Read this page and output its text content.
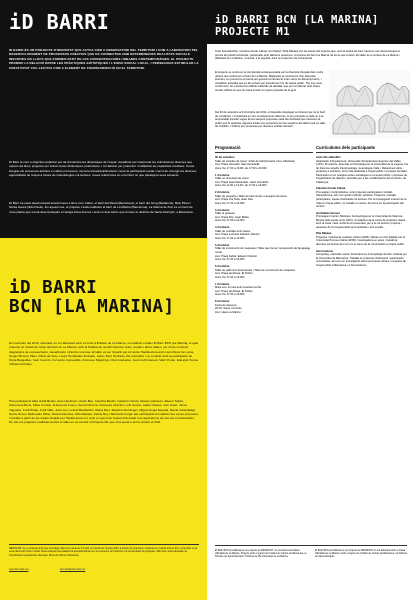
iD BARRI
ID BARRI ÉS UN PROJECTE D'IDENSITAT QUE ACTUA COM A OBSERVATORI DEL TERRITORI I COM A LABORATORI PEL DESENVOLUPAMENT DE PROCESSOS CREATIUS QUE ES CONNECTEN AMB DETERMINADES REALITATS SOCIALS INSCRITES EN LLOCS QUE FORMEN PART DE LES CONCENTRACIONS URBANES CONTEMPORÀNIES. EL PROJECTE PROMOU LA RELACIÓ ENTRE LES PRÀCTIQUES ARTÍSTIQUES I L'ESPAI SOCIAL LOCAL, I PERSEGUEIX ESTIMULAR LA CREATIVITAT COL·LECTIVA COM A ELEMENT DE TRANSFORMACIÓ EN EL TERRITORI.

iD Barri té com a objectius analitzar per tal d'entendre les dinàmiques de l'espai; visualitzar per interpretar les articulacions diverses que operen als llocs; projectar per trobar noves dinàmiques productives, i col·laborar per potenciar i multiplicar les capacitats creatives. Cerca integrar els processos artístics en altres processos; cerca la transdisciplinarietat; cerca la participació social i cerca fer emergir les diverses agencialitats de l'espai a través de metodologies col·lectives, noves referències en el territori on que planteja la seva actuació.

iD Barri ha estat desenvolupat anteriorment a llocs com Cabot, el barri del Raval (Barcelona), el barri del Gorg (Badalona), Baix Pintor i Santa Isaura (São Paulo). En aquest cas, el projecte s'està realitzant al barri de La Marina (Barcelona). La Marina de Port és un barri de nova planta que s'està desenvolupant a l'antiga Zona Franca i serà un dels barris que formen el districte de Sants-Montjuïc, a Barcelona.

iD BARRI
BCN [LA MARINA]

El novembre del 2010, Idensitat, en col·laboració amb La Cívic d'Entitats de La Marina, va realitzar el taller iD Barri BCN [La Marina], el qual pretenia un treball de camp del barri de La Marina, amb la finalitat de recollir històries orals, visuals i altres dades, per tal de construir diagnòstics de representació, visualització i d'acció concreta. El taller va ser impartit pel col·lectiu Hackitectura amb Lluís Pérez de Lama, Sergio Moreno Páez, Pablo de Soto, Laura Hernández Andrade, Jaime Díez Honrado, Ale González i va comptar amb la participació de Núria Banguilles, Sant Cusmín, Col·lectiu Comestible, Francesc Magrinyà, Oriol Granados, Gemma Portaneur, Martí Peran, Eduardo Tomás i Mireia Fortuñes.

Han participat al taller Adrià Benito, Ana Cambronz, Anaïs Bas, Carolina Beolfo, Catarina Ciordo, Dianes Carrasco, Elisenr Sellés, Clemencia Bons, Filipo Correia, Francesca Cusco, Gema Herrera, Guissepe Libertino, Iciri Govira, Isabel Civelss, Iván Letter, Jaime Yaguana, Jordi Priola, Jordi Valls, Joan Léo, Leticia Barrilambo, Maria Ries, Mauricio Domingez, Miguel Angel Espada, Nicola Castelpidge, Norris Noreu, Raimondo Piñiet, Ricard Faurnies, Rita Rabaça, Sandy Rey i Bernardo Forga. Els participants formalitzen les seves propostes i treballs a partir de les dades dirigida per Hackitectura.net, amb el suport de l'equip d'Idensitat i les aportacions de tots els col·laboradors. De tots els projectes realitzats durant el taller en va escollir el Projecte M1 que s'ha posat a terme durant el 2011.

IDENSITAT és un projecte d'art que investiga sobre les maneres d'incidir en l'àmbit de l'espai públic a través de propostes creatives en relació amb el lloc i el territori en la seva dimensió física i social. Desenvolupa una plataforma transdisciplinar per a la recerca, la producció i la presentació de projectes. Més info: www.idensitat.net · Coordinació i assistència: Idensitat. Direcció: Ramon Parramon

www.idensitat.net	idensitat@idensitat.net
iD BARRI BCN [LA MARINA]
PROJECTE M1

Arxiu Dos-Mendiño, Carolina Ciordo Cabral, Ivet Ibáñez i Rita Rabaça són els autors del projecte que, amb la tutoria de Xavi Cantons, han desenvolupat un procés de treball horitzontal i participatiu amb diferents persones i col·lectius del barri La Marina. El fet és que l'entorn del taller és el context de La Marina i d'Entitats de La Marina, i l'escola, a la seguida, d'ací on projectem de Covenència.

El projecte es centra en la complexitat social-generada per la diversitat d'espais dels nuclis urbans que conformen el barri de La Marina. Mitjançant la construcció d'un dispositiu itinerant, es promou la conversa per generar la interacció entre veïns de diferents barris, i visualitzar activitats que es fan al barri per transformar l'ús de l'espai públic. The s'es ceon construcció, les eximes fins utilitzat materials de deixalla, que per col·laborar amb fustes tornats utilitzat en que les totes el barri en quart propietari de la gent.

Del 30 de setembre al 9 d'octubre del 2011, el dispositiu desplegat va itinerant per tot el barri de La Marina, i s'instal·larà en cinc emplaçaments diferents. Al ser preceptiu a cada un a la temporalitat transfer vegeu de les tasques propostes cada dia d'activitat que ofereixen al public que hi participa. Algunes d'elles són propostes per les sessions del taller local un taller de mobiliari, i d'altres són propostes per diverses entitats del barri.

Programació
30 de setembre
Taller de mirades de carrer i inflar de ball (Ginestra i Seu d'Entitats)
Lloc: Plaça Ginestell, Gaeri Ginebelle
Hora: De 17.00 a 19.00 i de 17.00 a 19.00h
1 d'octubre
Taller no necessari de carrer
Lloc: Plaça Gaeri Estandolo, Gaeri Gondoille
Hora: De 11.00 a 13.00 i de 17.00 a 19.00h
2 d'octubre
Taller de pequeña i Taller de ball només i esvagrar persones
Lloc: Plaça Joe Teka, Gaet Teta
Hora: De 17.00 a 19.00h
3 d'octubre
Taller la ginavad
Lloc: Plaça Roc, Gaer Bolba
Hora: De 17.00 a 19.00h
4 d'octubre
Taller de mobiliari amb caixes
Lloc: Plaça Leonard, Eduard i Ramón
Hora: De 17.00 a 19.00h
5 d'octubre
Taller de construcció de maquetes i Taller que forma i recuperació de llenguatge mural
Lloc: Plaça Fabiol, Eduard i Ramón
Hora: De 17.00 a 19.00h
6 d'octubre
Taller de patrimoni descobertes i Taller de construcció de maquetes
Lloc: Plaça de Rosas, El Poblet
Hora: De 17.00 a 19.00h
7 d'octubre
Mitra era i en tota amb fonament lecha
Lloc: Plaça de Rosas, El Poblet
Hora: De 17.00 a 19.00h
8 d'octubre
Festa de clausura
20.00: Sopar col·lectiu
Lloc: plaça La Marina
Currículums dels participants
Arxiu Dos-Mendiño
Historiador d'Arquitectura, Universitat d'Arquitectura Superior del Vallès (UPC). El colectiu, llicenciat en Psicologia per la Universitat de la Laguna. Ha fet diversos estudis d'antropologia, musicologia i falla i. Relacionat sobre projectes a exhibició, tot la vida dedicada a l'espai públic i el espais del taller. Participant en un postgrau sobre estratègies en el espai públic i proposes de l'organització de talleres i activitats per a las mobilitzacions del col·lectiu, de Catalunya.
Catarina Ciordo Cabral
Prometgien i Antiproductes, amb projectes participatius i treballs d'arquitectura, així com gestió cultural i artística. Projectes i treballs participatius, espais d'activitats col·lectives. Per la investigació exterior de la vida en l'espai públic, on treballs en xarxa i de forma en la participació del territori.
Ivet Ibáñez Herrero
Prometgien Interior, Biologia i Antropologia per la Universitat de València. Mestra dels espais sorts (UPC). Fundadora de la xarxa de projectes l'espai amb la ciutat i dels nuclis de la universitat, per a la col·lectiva i projecte i aquestes de tot l'espai públic amb activitats i arts socials.
Rita Rabaça
Projectes i arquitecta Lusitano Lisboa (2006). Màster en Arts Digitals per la Universitat Pompeu Fabra (2009). Investigadora en actes i treball de diversos col·lectius així com en el camp de la comunicació a l'espai públic.
Xavi Cantons
Antropòleg, educador social. Doctorand en Antropologia Social i Cultural per la Universitat de Barcelona. Treballa en projectes d'educació i participació comunitària, així com en investigació sobre processos urbans i ocupació de l'espai públic a Barcelona i a Sud Amèrica.

iD Barri BCN [La Marina] és un projecte de IDENSITAT i el col·lectiu local Casal d'Entitats de La Marina. Projecte amb el suport de l'Institut de Cultura de Barcelona, el Districte de Sants-Montjuïc i l'Oficina de Pla d'Actuació de La Marina.

iD Barri BCN [La Marina] és un projecte de IDENSITAT en col·laboració amb el Casal d'Entitats de La Marina i amb el suport de l'Institut de Cultura de Barcelona i el Districte de Sants-Montjuïc.
